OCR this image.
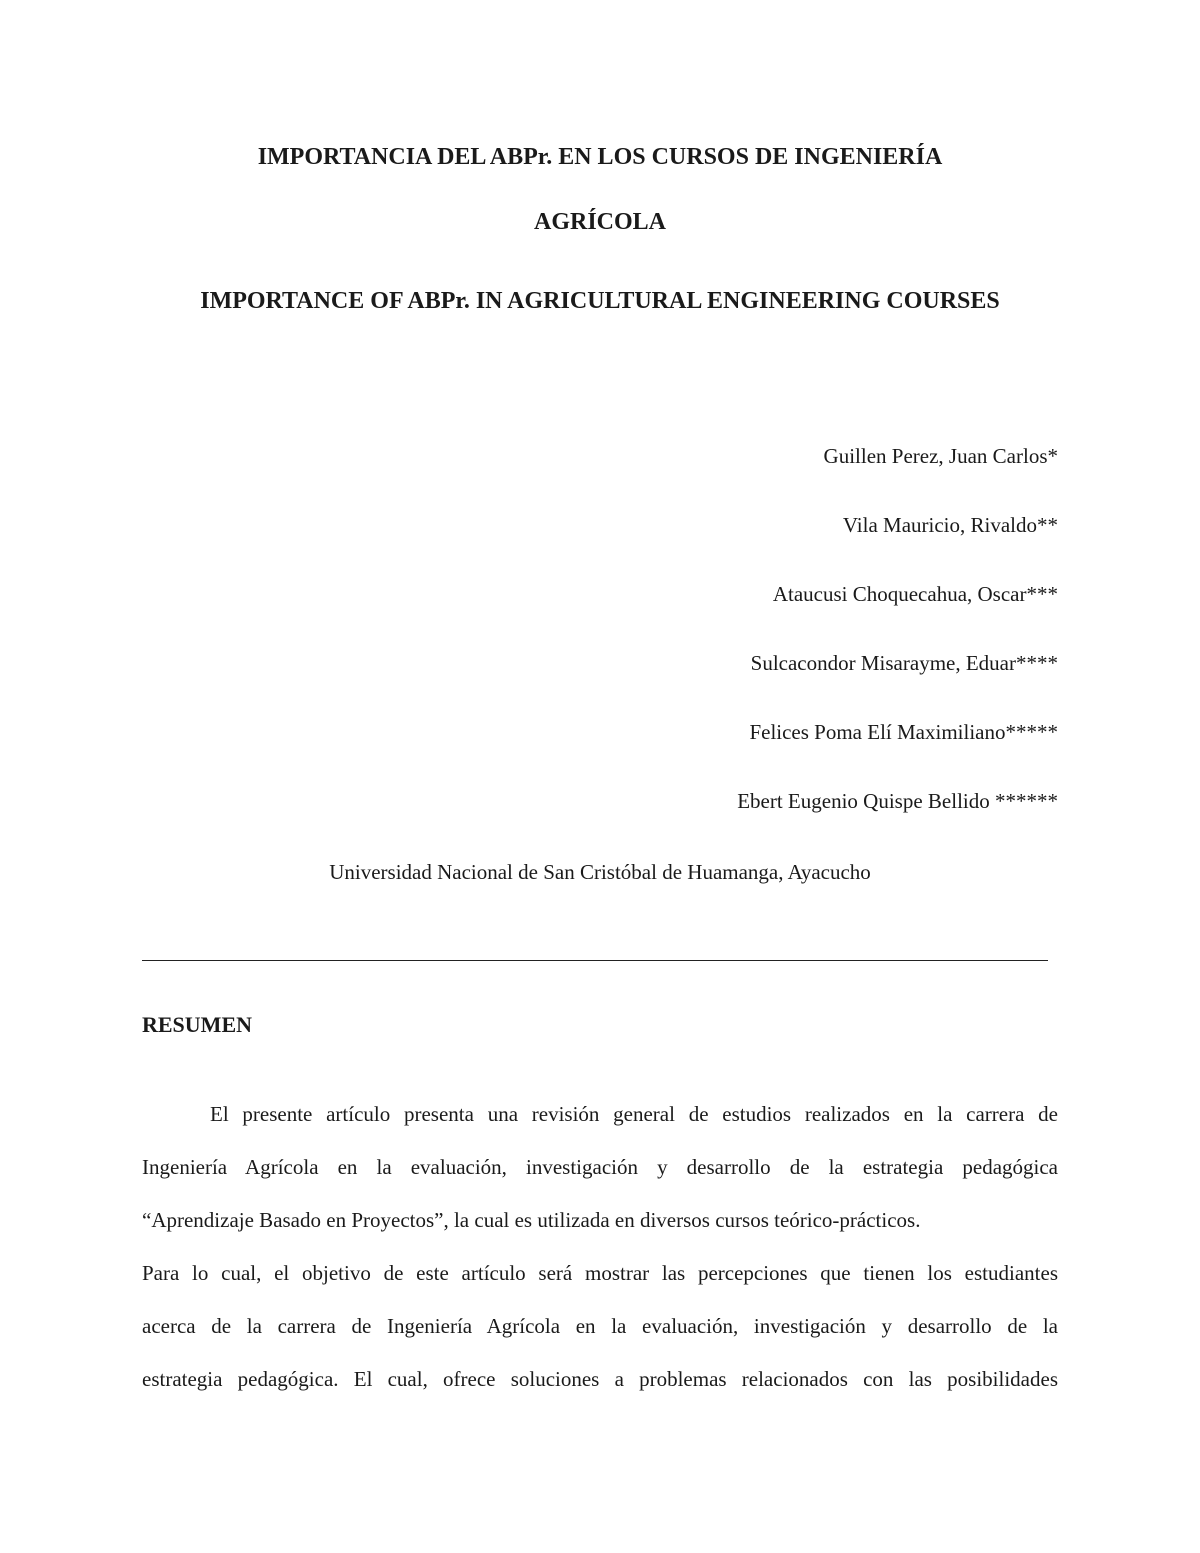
IMPORTANCIA DEL ABPr. EN LOS CURSOS DE INGENIERÍA
AGRÍCOLA
IMPORTANCE OF ABPr. IN AGRICULTURAL ENGINEERING COURSES
Guillen Perez, Juan Carlos*
Vila Mauricio, Rivaldo**
Ataucusi Choquecahua, Oscar***
Sulcacondor Misarayme, Eduar****
Felices Poma Elí Maximiliano*****
Ebert Eugenio Quispe Bellido ******
Universidad Nacional de San Cristóbal de Huamanga, Ayacucho
RESUMEN
El presente artículo presenta una revisión general de estudios realizados en la carrera de
Ingeniería Agrícola en la evaluación, investigación y desarrollo de la estrategia pedagógica
“Aprendizaje Basado en Proyectos”, la cual es utilizada en diversos cursos teórico-prácticos.
Para lo cual, el objetivo de este artículo será mostrar las percepciones que tienen los estudiantes
acerca de la carrera de Ingeniería Agrícola en la evaluación, investigación y desarrollo de la
estrategia pedagógica. El cual, ofrece soluciones a problemas relacionados con las posibilidades
